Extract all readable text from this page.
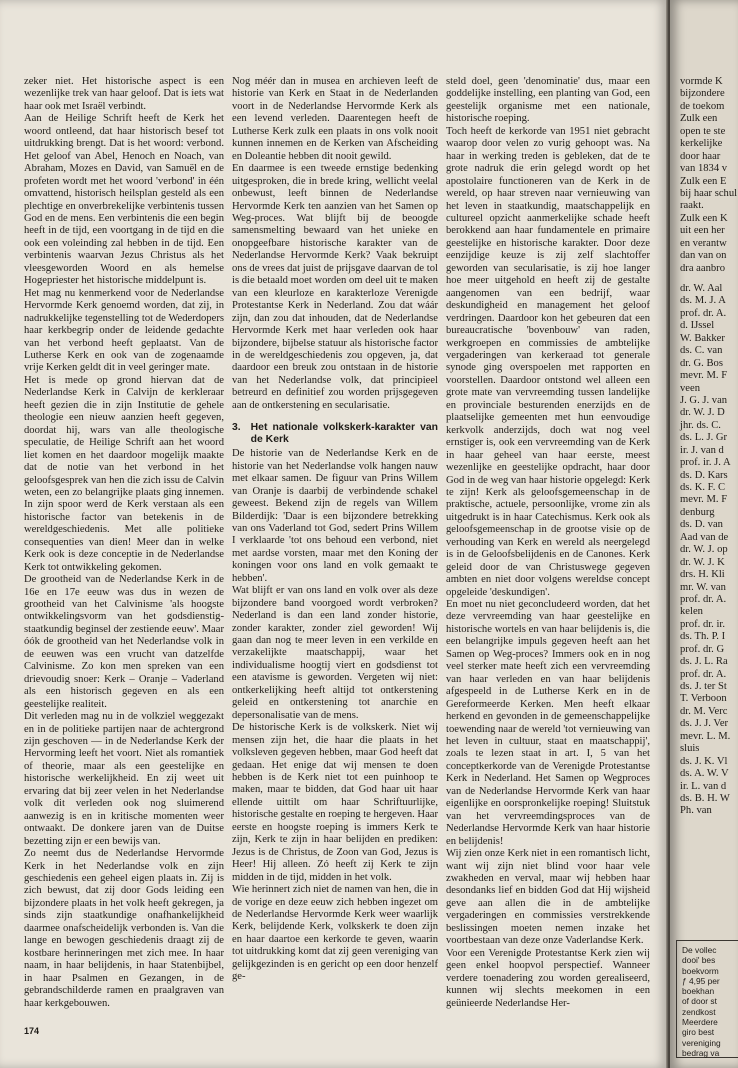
zeker niet. Het historische aspect is een wezenlijke trek van haar geloof. Dat is iets wat haar ook met Israël verbindt.

Aan de Heilige Schrift heeft de Kerk het woord ontleend, dat haar historisch besef tot uitdrukking brengt. Dat is het woord: verbond. Het geloof van Abel, Henoch en Noach, van Abraham, Mozes en David, van Samuël en de profeten wordt met het woord 'verbond' in één omvattend, historisch heilsplan gesteld als een plechtige en onverbrekelijke verbintenis tussen God en de mens. Een verbintenis die een begin heeft in de tijd, een voortgang in de tijd en die ook een voleinding zal hebben in de tijd. Een verbintenis waarvan Jezus Christus als het vleesgeworden Woord en als hemelse Hogepriester het historische middelpunt is.

Het mag nu kenmerkend voor de Nederlandse Hervormde Kerk genoemd worden, dat zij, in nadrukkelijke tegenstelling tot de Wederdopers haar kerkbegrip onder de leidende gedachte van het verbond heeft geplaatst. Van de Lutherse Kerk en ook van de zogenaamde vrije Kerken geldt dit in veel geringer mate.

Het is mede op grond hiervan dat de Nederlandse Kerk in Calvijn de kerkleraar heeft gezien die in zijn Institutie de gehele theologie een nieuw aanzien heeft gegeven, doordat hij, wars van alle theologische speculatie, de Heilige Schrift aan het woord liet komen en het daardoor mogelijk maakte dat de notie van het verbond in het geloofsgesprek van hen die zich issu de Calvin weten, een zo belangrijke plaats ging innemen. In zijn spoor werd de Kerk verstaan als een historische factor van betekenis in de wereldgeschiedenis. Met alle politieke consequenties van dien! Meer dan in welke Kerk ook is deze conceptie in de Nederlandse Kerk tot ontwikkeling gekomen.

De grootheid van de Nederlandse Kerk in de 16e en 17e eeuw was dus in wezen de grootheid van het Calvinisme 'als hoogste ontwikkelingsvorm van het godsdienstig-staatkundig beginsel der zestiende eeuw'. Maar óók de grootheid van het Nederlandse volk in de eeuwen was een vrucht van datzelfde Calvinisme. Zo kon men spreken van een drievoudig snoer: Kerk – Oranje – Vaderland als een historisch gegeven en als een geestelijke realiteit.

Dit verleden mag nu in de volkziel weggezakt en in de politieke partijen naar de achtergrond zijn geschoven — in de Nederlandse Kerk der Hervorming leeft het voort. Niet als romantiek of theorie, maar als een geestelijke en historische werkelijkheid. En zij weet uit ervaring dat bij zeer velen in het Nederlandse volk dit verleden ook nog sluimerend aanwezig is en in kritische momenten weer ontwaakt. De donkere jaren van de Duitse bezetting zijn er een bewijs van.

Zo neemt dus de Nederlandse Hervormde Kerk in het Nederlandse volk en zijn geschiedenis een geheel eigen plaats in. Zij is zich bewust, dat zij door Gods leiding een bijzondere plaats in het volk heeft gekregen, ja sinds zijn staatkundige onafhankelijkheid daarmee onafscheidelijk verbonden is. Van die lange en bewogen geschiedenis draagt zij de kostbare herinneringen met zich mee. In haar naam, in haar belijdenis, in haar Statenbijbel, in haar Psalmen en Gezangen, in de gebrandschilderde ramen en praalgraven van haar kerkgebouwen.

Nog méér dan in musea en archieven leeft de historie van Kerk en Staat in de Nederlanden voort in de Nederlandse Hervormde Kerk als een levend verleden. Daarentegen heeft de Lutherse Kerk zulk een plaats in ons volk nooit kunnen innemen en de Kerken van Afscheiding en Doleantie hebben dit nooit gewild.

En daarmee is een tweede ernstige bedenking uitgesproken, die in brede kring, wellicht veelal onbewust, leeft binnen de Nederlandse Hervormde Kerk ten aanzien van het Samen op Weg-proces. Wat blijft bij de beoogde samensmelting bewaard van het unieke en onopgeefbare historische karakter van de Nederlandse Hervormde Kerk? Vaak bekruipt ons de vrees dat juist de prijsgave daarvan de tol is die betaald moet worden om deel uit te maken van een kleurloze en karakterloze Verenigde Protestantse Kerk in Nederland. Zou dat wáár zijn, dan zou dat inhouden, dat de Nederlandse Hervormde Kerk met haar verleden ook haar bijzondere, bijbelse statuur als historische factor in de wereldgeschiedenis zou opgeven, ja, dat daardoor een breuk zou ontstaan in de historie van het Nederlandse volk, dat principieel betreurd en definitief zou worden prijsgegeven aan de ontkerstening en secularisatie.

3. Het nationale volkskerk-karakter van de Kerk

De historie van de Nederlandse Kerk en de historie van het Nederlandse volk hangen nauw met elkaar samen. De figuur van Prins Willem van Oranje is daarbij de verbindende schakel geweest. Bekend zijn de regels van Willem Bilderdijk: 'Daar is een bijzondere betrekking van ons Vaderland tot God, sedert Prins Willem I verklaarde 'tot ons behoud een verbond, niet met aardse vorsten, maar met den Koning der koningen voor ons land en volk gemaakt te hebben'.

Wat blijft er van ons land en volk over als deze bijzondere band voorgoed wordt verbroken? Nederland is dan een land zonder historie, zonder karakter, zonder ziel geworden! Wij gaan dan nog te meer leven in een verkilde en verzakelijkte maatschappij, waar het individualisme hoogtij viert en godsdienst tot een atavisme is geworden. Vergeten wij niet: ontkerkelijking heeft altijd tot ontkerstening geleid en ontkerstening tot anarchie en depersonalisatie van de mens.

De historische Kerk is de volkskerk. Niet wij mensen zijn het, die haar die plaats in het volksleven gegeven hebben, maar God heeft dat gedaan. Het enige dat wij mensen te doen hebben is de Kerk niet tot een puinhoop te maken, maar te bidden, dat God haar uit haar ellende uittilt om haar Schriftuurlijke, historische gestalte en roeping te hergeven. Haar eerste en hoogste roeping is immers Kerk te zijn, Kerk te zijn in haar belijden en prediken: Jezus is de Christus, de Zoon van God, Jezus is Heer! Hij alleen. Zó heeft zij Kerk te zijn midden in de tijd, midden in het volk.

Wie herinnert zich niet de namen van hen, die in de vorige en deze eeuw zich hebben ingezet om de Nederlandse Hervormde Kerk weer waarlijk Kerk, belijdende Kerk, volkskerk te doen zijn en haar daartoe een kerkorde te geven, waarin tot uitdrukking komt dat zij geen vereniging van gelijkgezinden is en gericht op een door henzelf ge-

steld doel, geen 'denominatie' dus, maar een goddelijke instelling, een planting van God, een geestelijk organisme met een nationale, historische roeping.

Toch heeft de kerkorde van 1951 niet gebracht waarop door velen zo vurig gehoopt was. Na haar in werking treden is gebleken, dat de te grote nadruk die erin gelegd wordt op het apostolaire functioneren van de Kerk in de wereld, op haar streven naar vernieuwing van het leven in staatkundig, maatschappelijk en cultureel opzicht aanmerkelijke schade heeft berokkend aan haar fundamentele en primaire geestelijke en historische karakter. Door deze eenzijdige keuze is zij zelf slachtoffer geworden van secularisatie, is zij hoe langer hoe meer uitgehold en heeft zij de gestalte aangenomen van een bedrijf, waar deskundigheid en management het geloof verdringen. Daardoor kon het gebeuren dat een bureaucratische 'bovenbouw' van raden, werkgroepen en commissies de ambtelijke vergaderingen van kerkeraad tot generale synode ging overspoelen met rapporten en voorstellen. Daardoor ontstond wel alleen een grote mate van vervreemding tussen landelijke en provinciale besturenden enerzijds en de plaatselijke gemeenten met hun eenvoudige kerkvolk anderzijds, doch wat nog veel ernstiger is, ook een vervreemding van de Kerk in haar geheel van haar eerste, meest wezenlijke en geestelijke opdracht, haar door God in de weg van haar historie opgelegd: Kerk te zijn! Kerk als geloofsgemeenschap in de praktische, actuele, persoonlijke, vrome zin als uitgedrukt is in haar Catechismus. Kerk ook als geloofsgemeenschap in de grootse visie op de verhouding van Kerk en wereld als neergelegd is in de Geloofsbelijdenis en de Canones. Kerk geleid door de van Christuswege gegeven ambten en niet door volgens wereldse concept opgeleide 'deskundigen'.

En moet nu niet geconcludeerd worden, dat het deze vervreemding van haar geestelijke en historische wortels en van haar belijdenis is, die een belangrijke impuls gegeven heeft aan het Samen op Weg-proces? Immers ook en in nog veel sterker mate heeft zich een vervreemding van haar verleden en van haar belijdenis afgespeeld in de Lutherse Kerk en in de Gereformeerde Kerken. Men heeft elkaar herkend en gevonden in de gemeenschappelijke toewending naar de wereld 'tot vernieuwing van het leven in cultuur, staat en maatschappij', zoals te lezen staat in art. I, 5 van het conceptkerkorde van de Verenigde Protestantse Kerk in Nederland. Het Samen op Wegproces van de Nederlandse Hervormde Kerk van haar eigenlijke en oorspronkelijke roeping! Sluitstuk van het vervreemdingsproces van de Nederlandse Hervormde Kerk van haar historie en belijdenis!

Wij zien onze Kerk niet in een romantisch licht, want wij zijn niet blind voor haar vele zwakheden en verval, maar wij hebben haar desondanks lief en bidden God dat Hij wijsheid geve aan allen die in de ambtelijke vergaderingen en commissies verstrekkende beslissingen moeten nemen inzake het voortbestaan van deze onze Vaderlandse Kerk.

Voor een Verenigde Protestantse Kerk zien wij geen enkel hoopvol perspectief. Wanneer verdere toenadering zou worden gerealiseerd, kunnen wij slechts meekomen in een geünieerde Nederlandse Her-

174
vormde K
bijzondere
de toekom
Zulk een
open te ste
kerkelijke
door haar
van 1834 v
Zulk een E
bij haar schul
raakt.
Zulk een K
uit een her
en verantw
dan van on
dra aanbro
dr. W. Aal
ds. M. J. A
prof. dr. A.
d. IJssel
W. Bakker
ds. C. van
dr. G. Bos
mevr. M. F
veen
J. G. J. van
dr. W. J. D
jhr. ds. C.
ds. L. J. Gr
ir. J. van d
prof. ir. J. A
ds. D. Kars
ds. K. F. C
mevr. M. F
denburg
ds. D. van
Aad van de
dr. W. J. op
dr. W. J. K
drs. H. Kli
mr. W. van
prof. dr. A.
kelen
prof. dr. ir.
ds. Th. P. I
prof. dr. G
ds. J. L. Ra
prof. dr. A.
ds. J. ter St
T. Verboon
dr. M. Verc
ds. J. J. Ver
mevr. L. M.
sluis
ds. J. K. Vl
ds. A. W. V
ir. L. van d
ds. B. H. W
Ph. van
De vollec
dooi' bes
boekvorm
ƒ 4,95 per
boekhan
of door st
zendkost
Meerdere
giro best
vereniging
bedrag va
